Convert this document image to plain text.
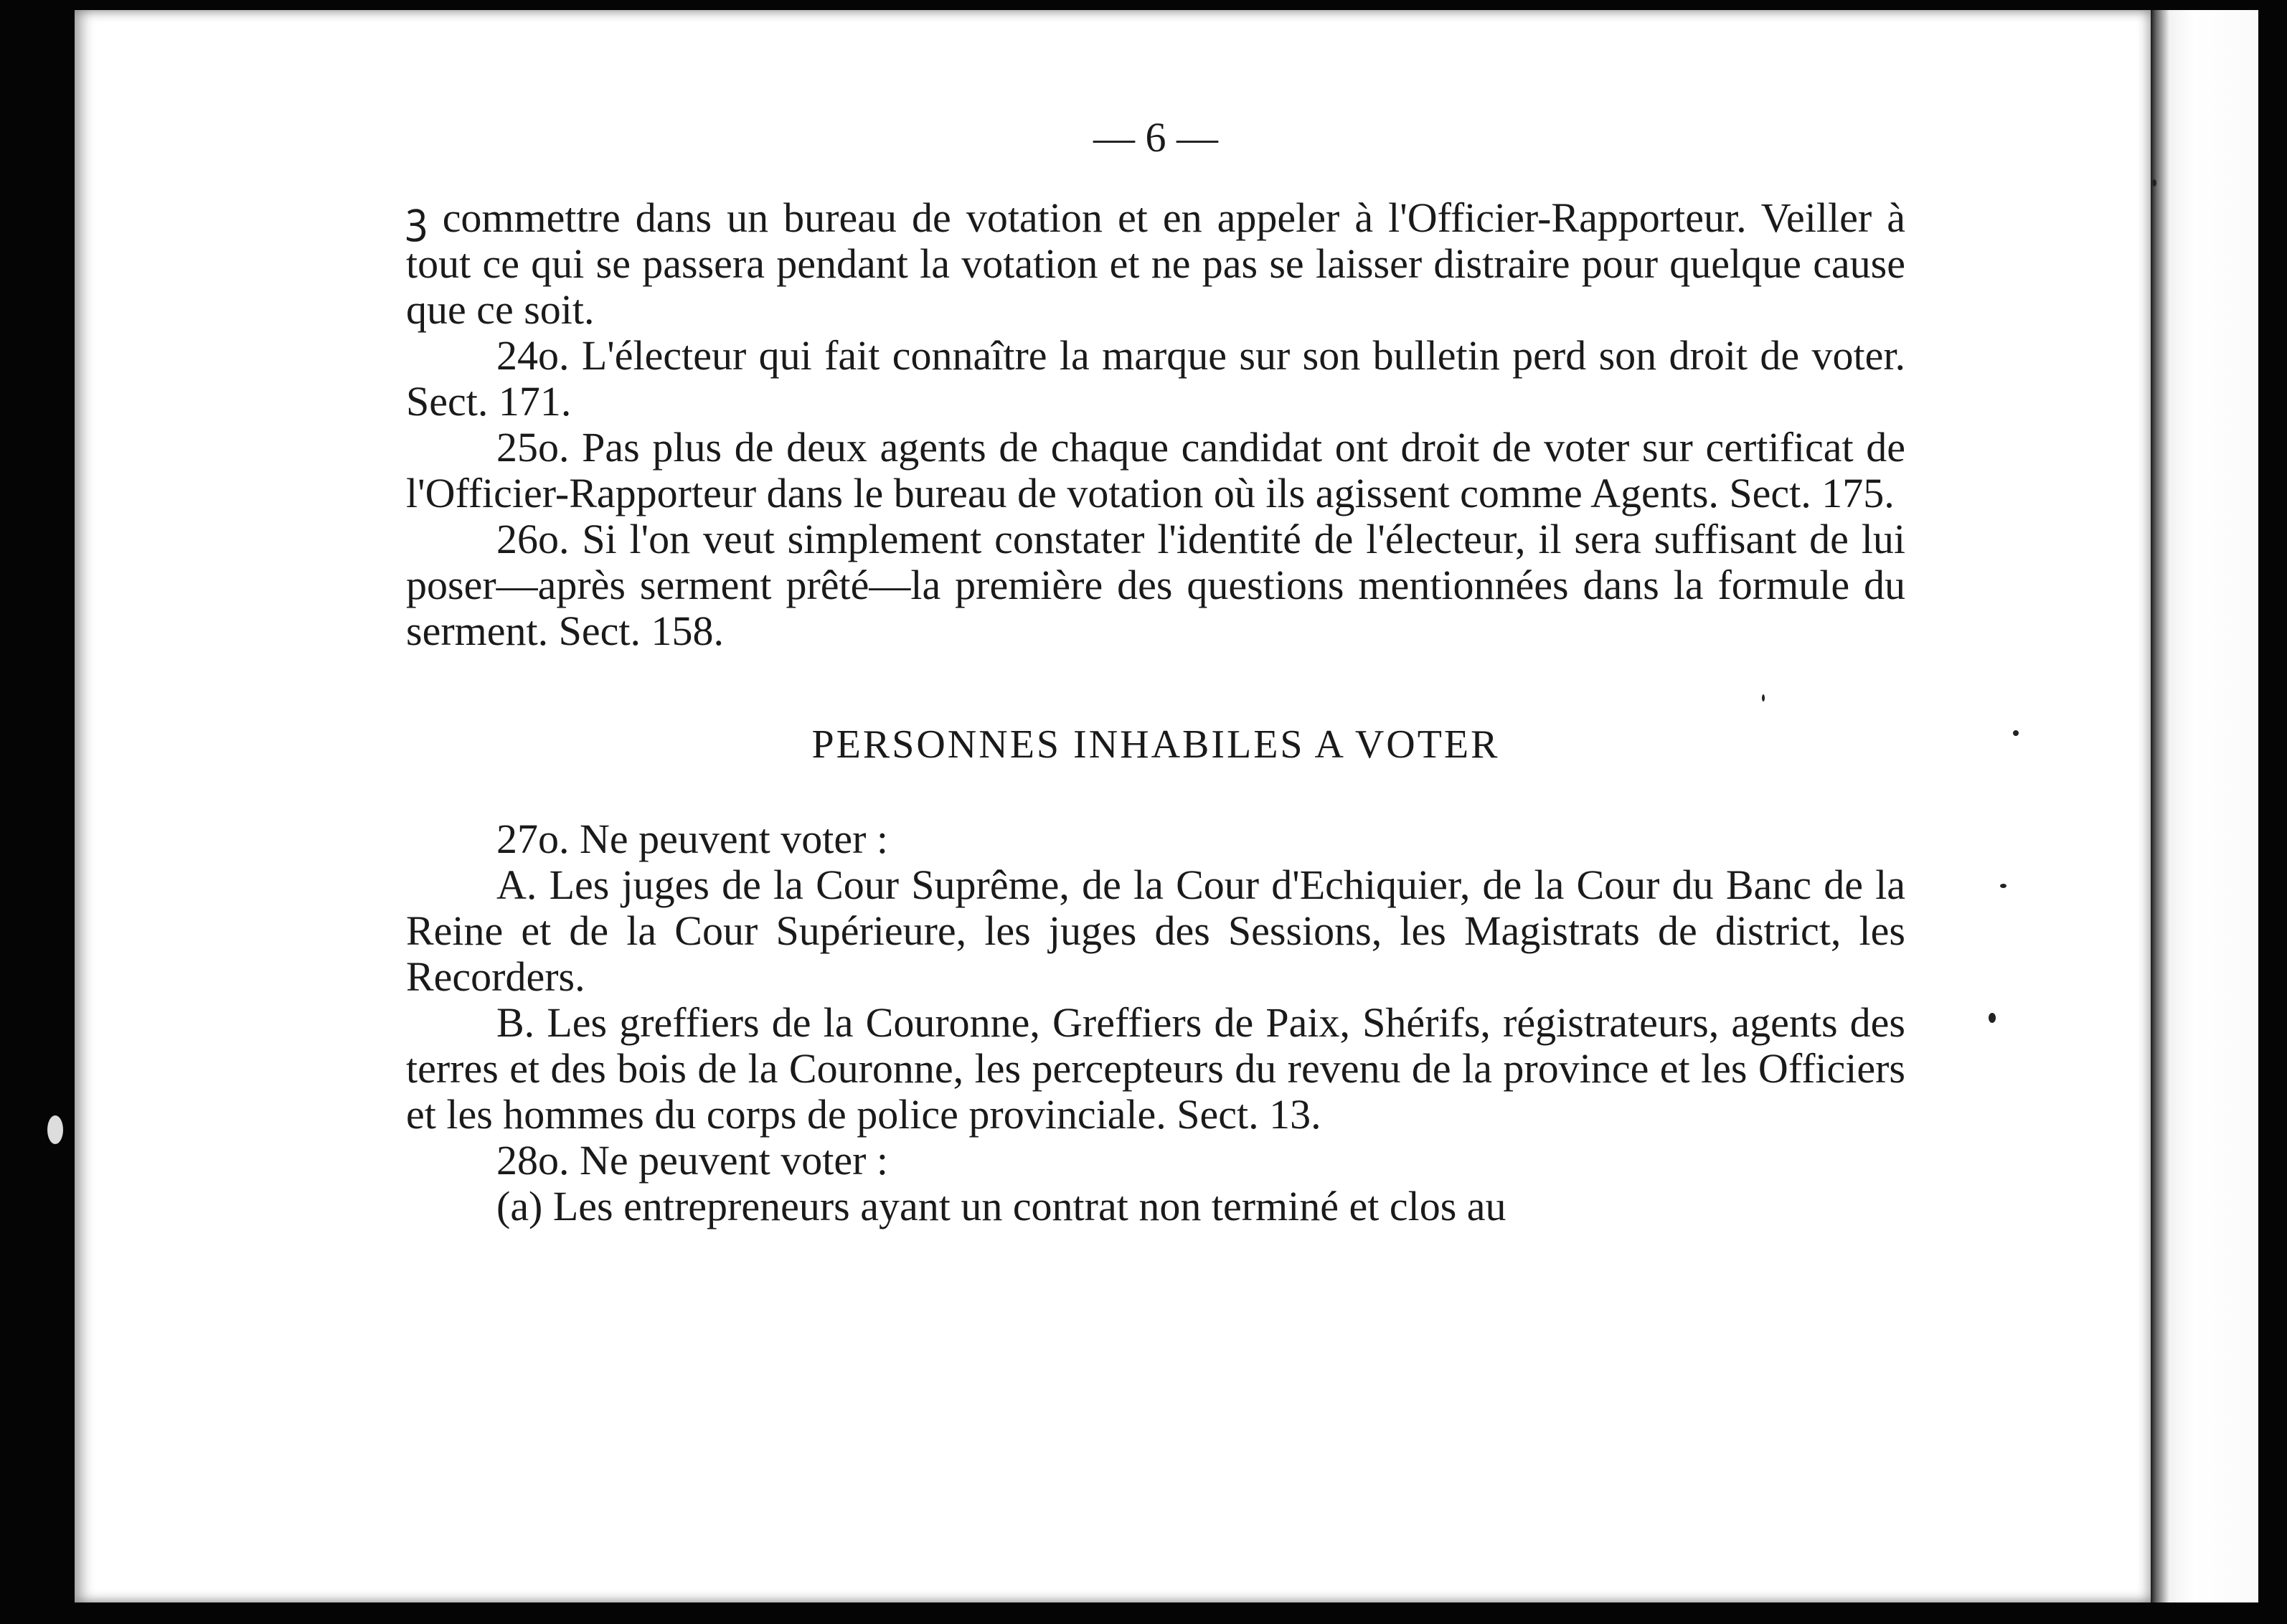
— 6 —

ꝫ commettre dans un bureau de votation et en appeler à l'Officier-Rapporteur. Veiller à tout ce qui se passera pendant la votation et ne pas se laisser distraire pour quelque cause que ce soit.

24o. L'électeur qui fait connaître la marque sur son bulletin perd son droit de voter. Sect. 171.

25o. Pas plus de deux agents de chaque candidat ont droit de voter sur certificat de l'Officier-Rapporteur dans le bureau de votation où ils agissent comme Agents. Sect. 175.

26o. Si l'on veut simplement constater l'identité de l'électeur, il sera suffisant de lui poser—après serment prêté—la première des questions mentionnées dans la formule du serment. Sect. 158.

PERSONNES INHABILES A VOTER

27o. Ne peuvent voter :

A. Les juges de la Cour Suprême, de la Cour d'Echiquier, de la Cour du Banc de la Reine et de la Cour Supérieure, les juges des Sessions, les Magistrats de district, les Recorders.

B. Les greffiers de la Couronne, Greffiers de Paix, Shérifs, régistrateurs, agents des terres et des bois de la Couronne, les percepteurs du revenu de la province et les Officiers et les hommes du corps de police provinciale. Sect. 13.

28o. Ne peuvent voter :

(a) Les entrepreneurs ayant un contrat non terminé et clos au
